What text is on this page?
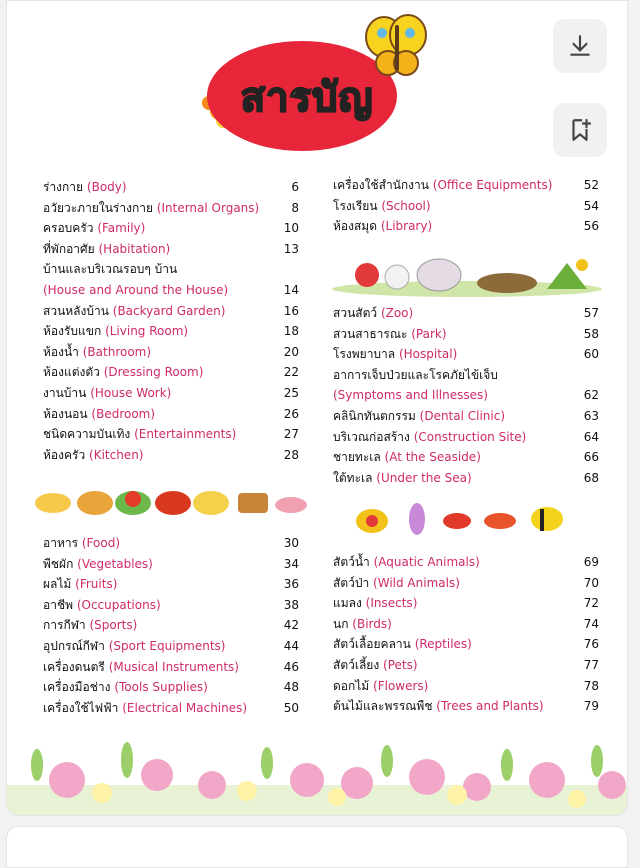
สารบัญ
ร่างกาย (Body)	6
อวัยวะภายในร่างกาย (Internal Organs)	8
ครอบครัว (Family)	10
ที่พักอาศัย (Habitation)	13
บ้านและบริเวณรอบๆ บ้าน
(House and Around the House)	14
สวนหลังบ้าน (Backyard Garden)	16
ห้องรับแขก (Living Room)	18
ห้องน้ำ (Bathroom)	20
ห้องแต่งตัว (Dressing Room)	22
งานบ้าน (House Work)	25
ห้องนอน (Bedroom)	26
ชนิดความบันเทิง (Entertainments)	27
ห้องครัว (Kitchen)	28
อาหาร (Food)	30
พืชผัก (Vegetables)	34
ผลไม้ (Fruits)	36
อาชีพ (Occupations)	38
การกีฬา (Sports)	42
อุปกรณ์กีฬา (Sport Equipments)	44
เครื่องดนตรี (Musical Instruments)	46
เครื่องมือช่าง (Tools Supplies)	48
เครื่องใช้ไฟฟ้า (Electrical Machines)	50
เครื่องใช้สำนักงาน (Office Equipments)	52
โรงเรียน (School)	54
ห้องสมุด (Library)	56
สวนสัตว์ (Zoo)	57
สวนสาธารณะ (Park)	58
โรงพยาบาล (Hospital)	60
อาการเจ็บป่วยและโรคภัยไข้เจ็บ
(Symptoms and Illnesses)	62
คลินิกทันตกรรม (Dental Clinic)	63
บริเวณก่อสร้าง (Construction Site)	64
ชายทะเล (At the Seaside)	66
ใต้ทะเล (Under the Sea)	68
สัตว์น้ำ (Aquatic Animals)	69
สัตว์ป่า (Wild Animals)	70
แมลง (Insects)	72
นก (Birds)	74
สัตว์เลื้อยคลาน (Reptiles)	76
สัตว์เลี้ยง (Pets)	77
ดอกไม้ (Flowers)	78
ต้นไม้และพรรณพืช (Trees and Plants)	79
